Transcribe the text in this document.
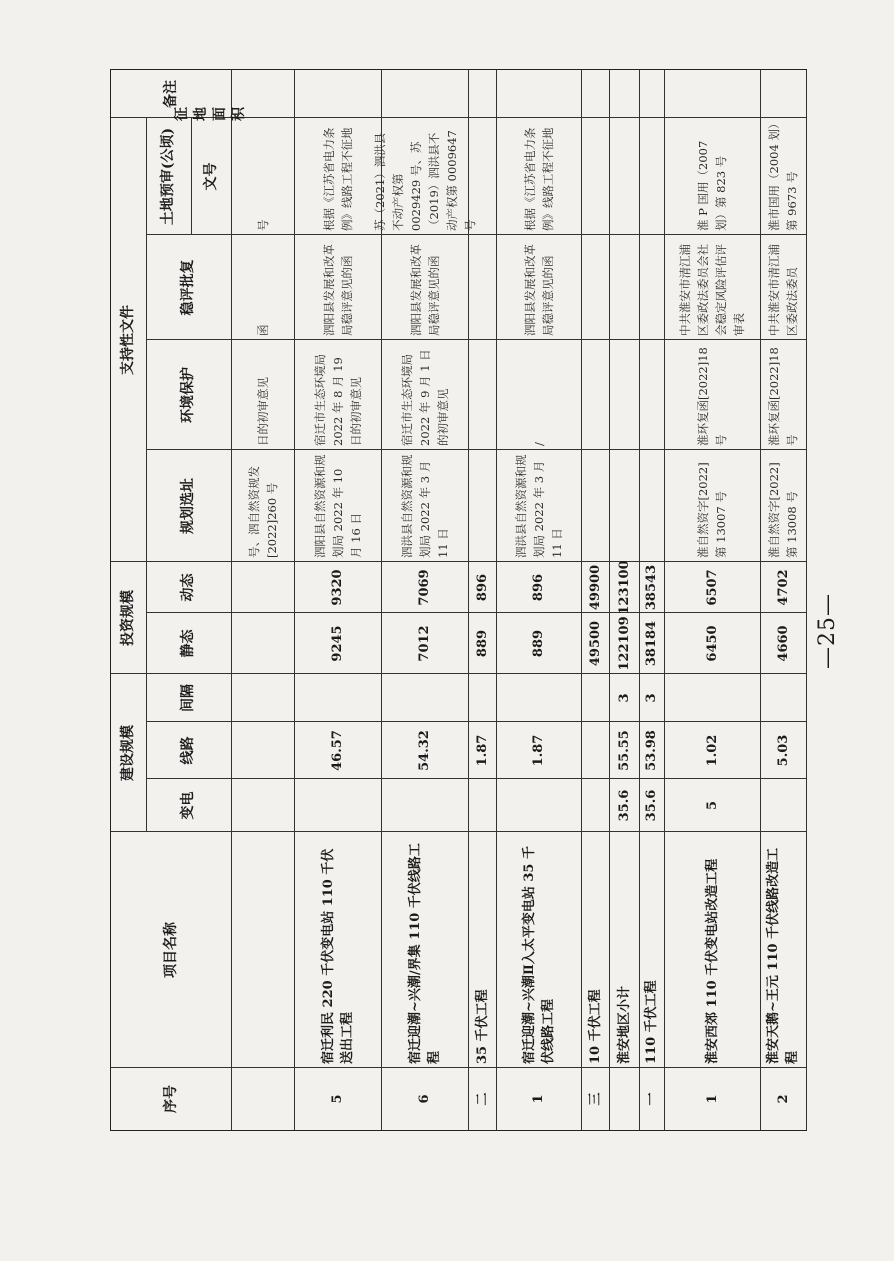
序号
项目名称
建设规模
变电
线路
间隔
投资规模	静态
动态
支持性文件
规划选址
环境保护
稳评批复
土地预审(公顷)	文号
征地面积
备注
号、泗自然资规发[2022]260 号
日的初审意见
函
号
5
宿迁利民 220 千伏变电站 110 千伏送出工程
46.57
9245
9320
泗阳县自然资源和规划局 2022 年 10 月 16 日
宿迁市生态环境局 2022 年 8 月 19 日的初审意见
泗阳县发展和改革局稳评意见的函
根据《江苏省电力条例》线路工程不征地
6
宿迁迎潮~兴潮/界集 110 千伏线路工程
54.32
7012
7069
泗洪县自然资源和规划局 2022 年 3 月 11 日
宿迁市生态环境局 2022 年 9 月 1 日的初审意见
泗阳县发展和改革局稳评意见的函
苏（2021）泗洪县不动产权第 0029429 号、苏（2019）泗洪县不动产权第 0009647 号
二
35 千伏工程
1.87
889
896
1
宿迁迎潮~兴潮Ⅱ入太平变电站 35 千伏线路工程
1.87
889
896
泗洪县自然资源和规划局 2022 年 3 月 11 日
/
泗阳县发展和改革局稳评意见的函
根据《江苏省电力条例》线路工程不征地
三
10 千伏工程
49500
49900
淮安地区小计
35.6
55.55
3
122109
123100
一
110 千伏工程
35.6
53.98
3
38184
38543
1
淮安西郊 110 千伏变电站改造工程
5
1.02
6450
6507
淮自然资字[2022]第 13007 号
淮环复函[2022]18 号
中共淮安市清江浦区委政法委员会社会稳定风险评估评审表
淮 P 国用（2007 划）第 823 号
2
淮安天鹅~王元 110 千伏线路改造工程
5.03
4660
4702
淮自然资字[2022]第 13008 号
淮环复函[2022]18 号
中共淮安市清江浦区委政法委员
淮市国用（2004 划）第 9673 号
—25—
